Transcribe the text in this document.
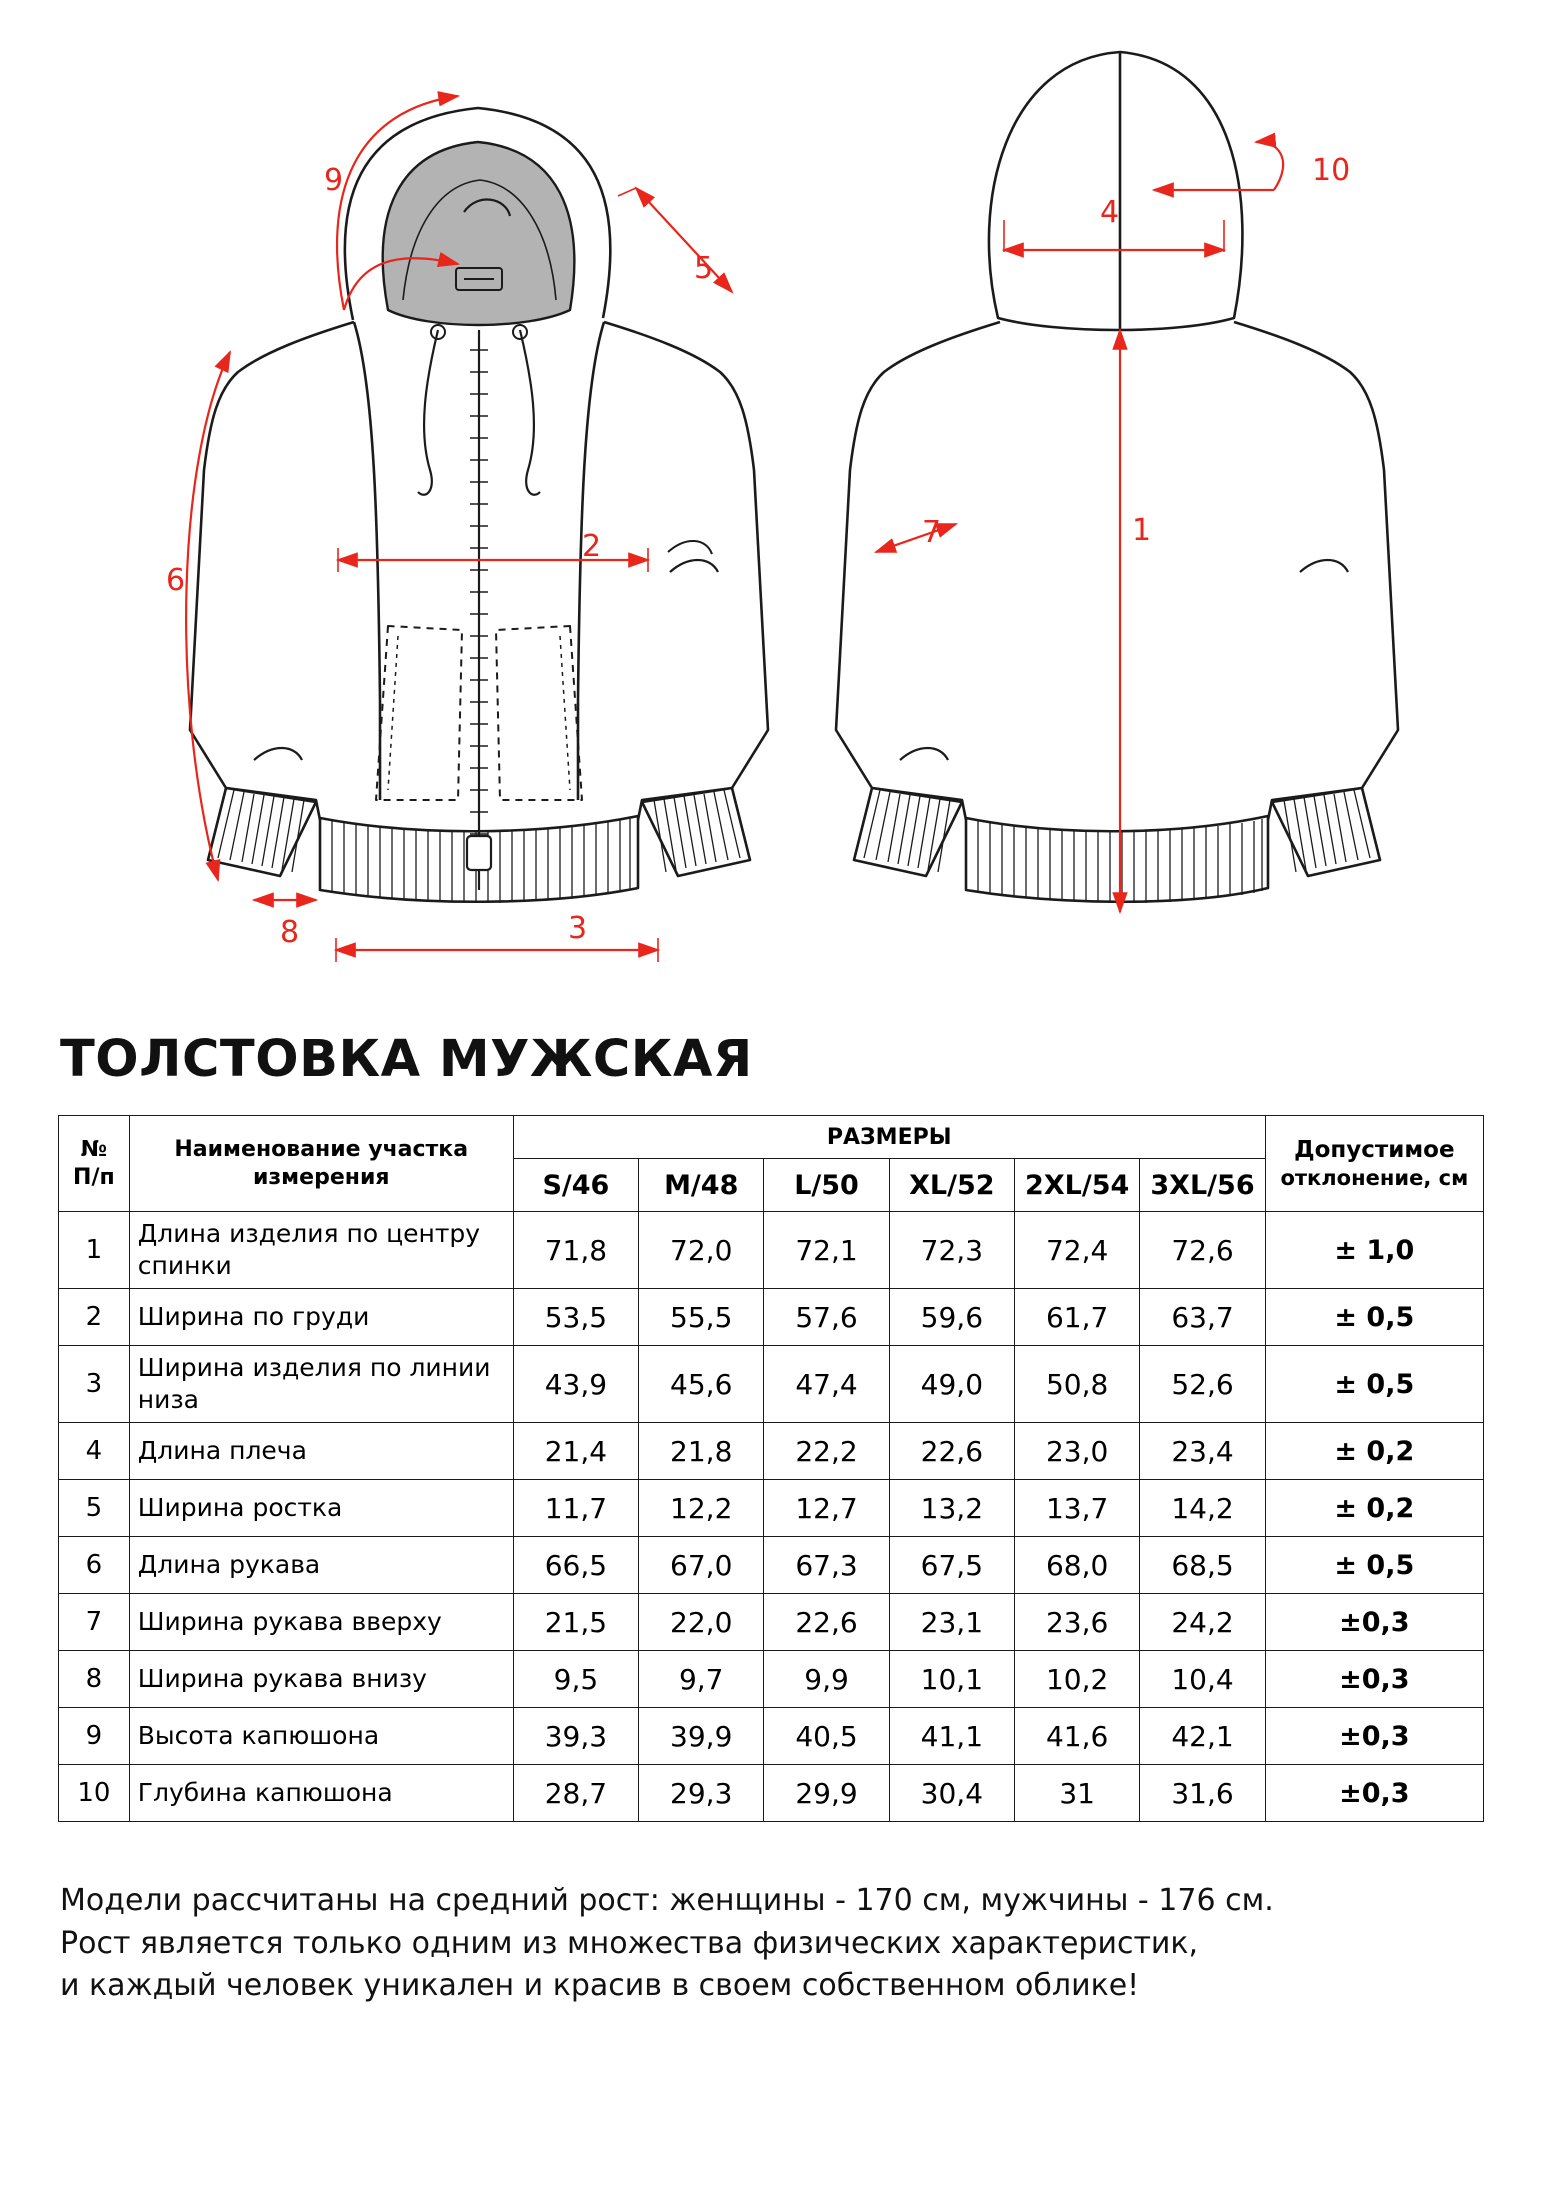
9
5
2
6
8	3
4
10
7	1
ТОЛСТОВКА МУЖСКАЯ
№
П/п

Наименование участка
измерения
	РАЗМЕРЫ	Допустимое
отклонение, см

		S/46	M/48	L/50	XL/52	2XL/54	3XL/56	
1	Длина изделия по центру спинки	71,8	72,0	72,1	72,3	72,4	72,6	± 1,0
2	Ширина по груди	53,5	55,5	57,6	59,6	61,7	63,7	± 0,5
3	Ширина изделия по линии низа	43,9	45,6	47,4	49,0	50,8	52,6	± 0,5
4	Длина плеча	21,4	21,8	22,2	22,6	23,0	23,4	± 0,2
5	Ширина ростка	11,7	12,2	12,7	13,2	13,7	14,2	± 0,2
6	Длина рукава	66,5	67,0	67,3	67,5	68,0	68,5	± 0,5
7	Ширина рукава вверху	21,5	22,0	22,6	23,1	23,6	24,2	±0,3
8	Ширина рукава внизу	9,5	9,7	9,9	10,1	10,2	10,4	±0,3
9	Высота капюшона	39,3	39,9	40,5	41,1	41,6	42,1	±0,3
10	Глубина капюшона	28,7	29,3	29,9	30,4	31	31,6	±0,3
Модели рассчитаны на средний рост: женщины - 170 см, мужчины - 176 см.
Рост является только одним из множества физических характеристик,
и каждый человек уникален и красив в своем собственном облике!
